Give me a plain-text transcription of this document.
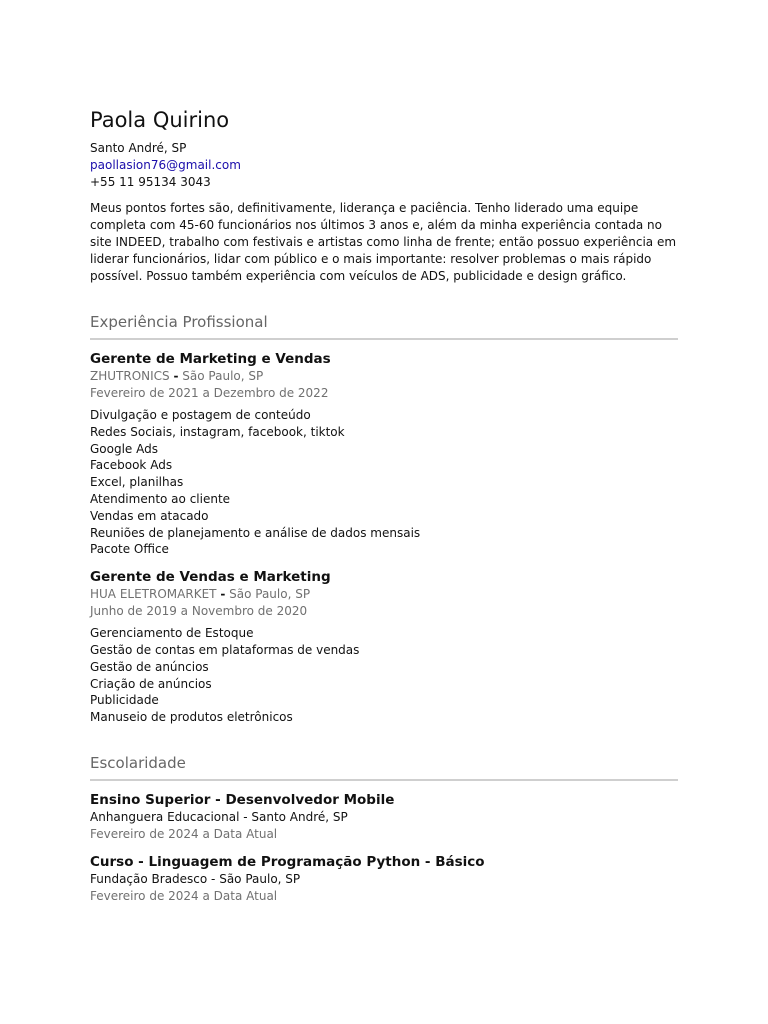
Paola Quirino
Santo André, SP
paollasion76@gmail.com
+55 11 95134 3043
Meus pontos fortes são, definitivamente, liderança e paciência. Tenho liderado uma equipe completa com 45-60 funcionários nos últimos 3 anos e, além da minha experiência contada no site INDEED, trabalho com festivais e artistas como linha de frente; então possuo experiência em liderar funcionários, lidar com público e o mais importante: resolver problemas o mais rápido possível. Possuo também experiência com veículos de ADS, publicidade e design gráfico.
Experiência Profissional
Gerente de Marketing e Vendas
ZHUTRONICS - São Paulo, SP
Fevereiro de 2021 a Dezembro de 2022
Divulgação e postagem de conteúdo
Redes Sociais, instagram, facebook, tiktok
Google Ads
Facebook Ads
Excel, planilhas
Atendimento ao cliente
Vendas em atacado
Reuniões de planejamento e análise de dados mensais
Pacote Office
Gerente de Vendas e Marketing
HUA ELETROMARKET - São Paulo, SP
Junho de 2019 a Novembro de 2020
Gerenciamento de Estoque
Gestão de contas em plataformas de vendas
Gestão de anúncios
Criação de anúncios
Publicidade
Manuseio de produtos eletrônicos
Escolaridade
Ensino Superior - Desenvolvedor Mobile
Anhanguera Educacional - Santo André, SP
Fevereiro de 2024 a Data Atual
Curso - Linguagem de Programação Python - Básico
Fundação Bradesco - São Paulo, SP
Fevereiro de 2024 a Data Atual
